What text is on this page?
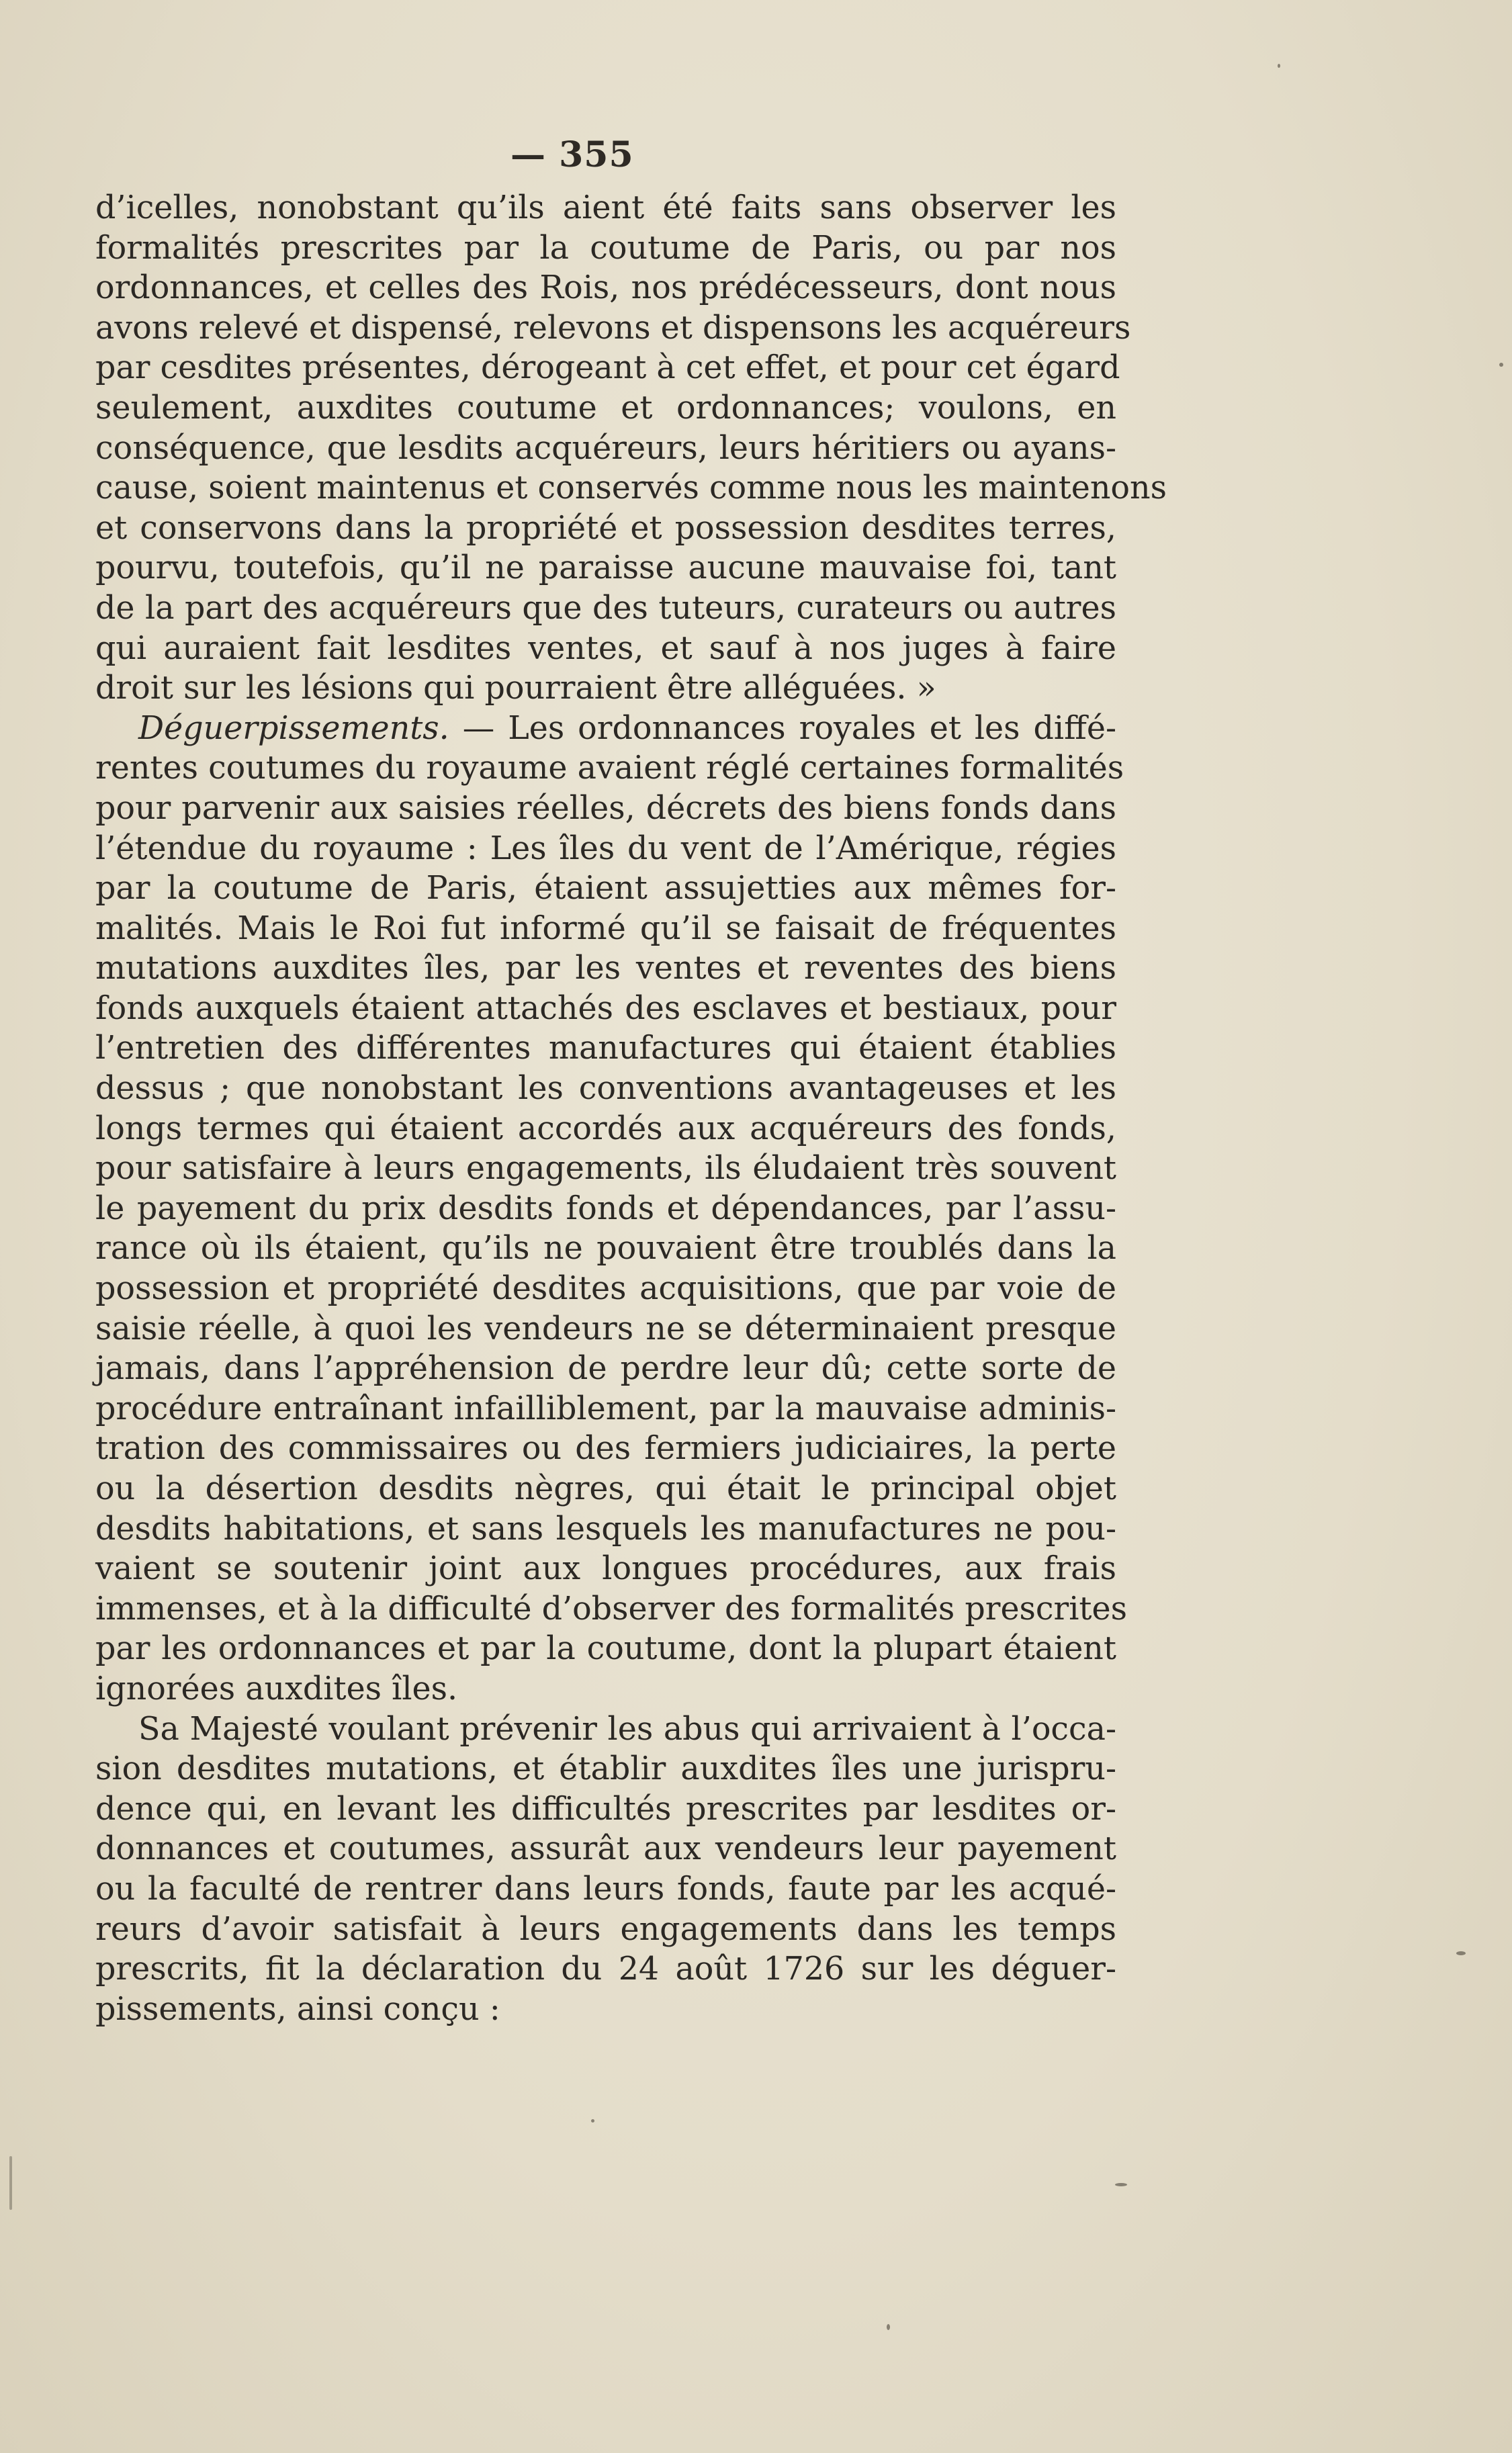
— 355
d’icelles, nonobstant qu’ils aient été faits sans observer les
formalités prescrites par la coutume de Paris, ou par nos
ordonnances, et celles des Rois, nos prédécesseurs, dont nous
avons relevé et dispensé, relevons et dispensons les acquéreurs
par cesdites présentes, dérogeant à cet effet, et pour cet égard
seulement, auxdites coutume et ordonnances; voulons, en
conséquence, que lesdits acquéreurs, leurs héritiers ou ayans-
cause, soient maintenus et conservés comme nous les maintenons
et conservons dans la propriété et possession desdites terres,
pourvu, toutefois, qu’il ne paraisse aucune mauvaise foi, tant
de la part des acquéreurs que des tuteurs, curateurs ou autres
qui auraient fait lesdites ventes, et sauf à nos juges à faire
droit sur les lésions qui pourraient être alléguées. »
Déguerpissements. — Les ordonnances royales et les diffé-
rentes coutumes du royaume avaient réglé certaines formalités
pour parvenir aux saisies réelles, décrets des biens fonds dans
l’étendue du royaume : Les îles du vent de l’Amérique, régies
par la coutume de Paris, étaient assujetties aux mêmes for-
malités. Mais le Roi fut informé qu’il se faisait de fréquentes
mutations auxdites îles, par les ventes et reventes des biens
fonds auxquels étaient attachés des esclaves et bestiaux, pour
l’entretien des différentes manufactures qui étaient établies
dessus ; que nonobstant les conventions avantageuses et les
longs termes qui étaient accordés aux acquéreurs des fonds,
pour satisfaire à leurs engagements, ils éludaient très souvent
le payement du prix desdits fonds et dépendances, par l’assu-
rance où ils étaient, qu’ils ne pouvaient être troublés dans la
possession et propriété desdites acquisitions, que par voie de
saisie réelle, à quoi les vendeurs ne se déterminaient presque
jamais, dans l’appréhension de perdre leur dû; cette sorte de
procédure entraînant infailliblement, par la mauvaise adminis-
tration des commissaires ou des fermiers judiciaires, la perte
ou la désertion desdits nègres, qui était le principal objet
desdits habitations, et sans lesquels les manufactures ne pou-
vaient se soutenir joint aux longues procédures, aux frais
immenses, et à la difficulté d’observer des formalités prescrites
par les ordonnances et par la coutume, dont la plupart étaient
ignorées auxdites îles.
Sa Majesté voulant prévenir les abus qui arrivaient à l’occa-
sion desdites mutations, et établir auxdites îles une jurispru-
dence qui, en levant les difficultés prescrites par lesdites or-
donnances et coutumes, assurât aux vendeurs leur payement
ou la faculté de rentrer dans leurs fonds, faute par les acqué-
reurs d’avoir satisfait à leurs engagements dans les temps
prescrits, fit la déclaration du 24 août 1726 sur les déguer-
pissements, ainsi conçu :
